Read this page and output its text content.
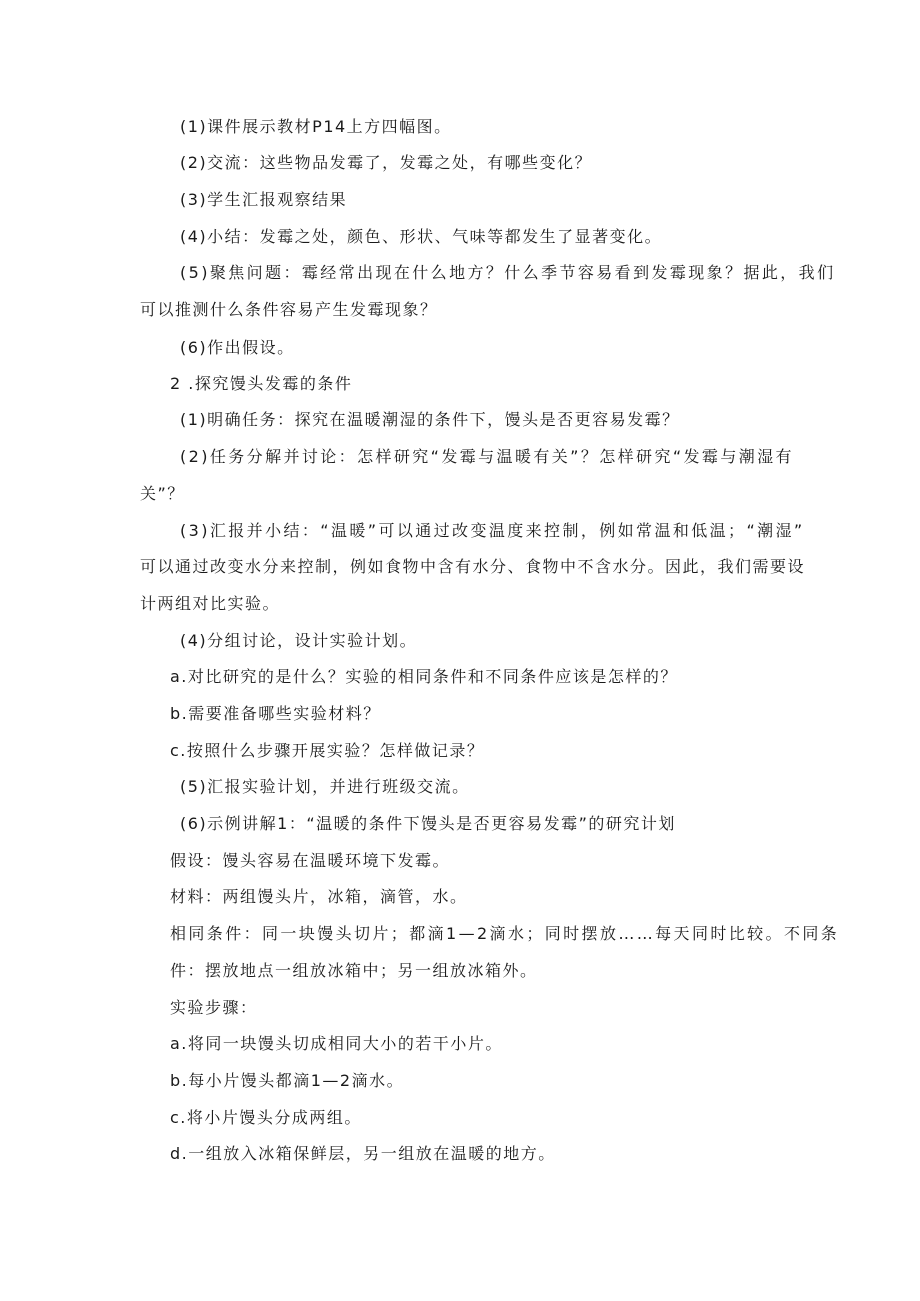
(1)课件展示教材P14上方四幅图。
(2)交流：这些物品发霉了，发霉之处，有哪些变化？
(3)学生汇报观察结果
(4)小结：发霉之处，颜色、形状、气味等都发生了显著变化。
(5)聚焦问题：霉经常出现在什么地方？什么季节容易看到发霉现象？据此，我们
可以推测什么条件容易产生发霉现象？
(6)作出假设。
2 .探究馒头发霉的条件
(1)明确任务：探究在温暖潮湿的条件下，馒头是否更容易发霉？
(2)任务分解并讨论：怎样研究“发霉与温暖有关”？怎样研究“发霉与潮湿有
关”？
(3)汇报并小结：“温暖”可以通过改变温度来控制，例如常温和低温；“潮湿”
可以通过改变水分来控制，例如食物中含有水分、食物中不含水分。因此，我们需要设
计两组对比实验。
(4)分组讨论，设计实验计划。
a.对比研究的是什么？实验的相同条件和不同条件应该是怎样的？
b.需要准备哪些实验材料？
c.按照什么步骤开展实验？怎样做记录？
(5)汇报实验计划，并进行班级交流。
(6)示例讲解1：“温暖的条件下馒头是否更容易发霉”的研究计划
假设：馒头容易在温暖环境下发霉。
材料：两组馒头片，冰箱，滴管，水。
相同条件：同一块馒头切片；都滴1—2滴水；同时摆放……每天同时比较。不同条
件：摆放地点一组放冰箱中；另一组放冰箱外。
实验步骤：
a.将同一块馒头切成相同大小的若干小片。
b.每小片馒头都滴1—2滴水。
c.将小片馒头分成两组。
d.一组放入冰箱保鲜层，另一组放在温暖的地方。
